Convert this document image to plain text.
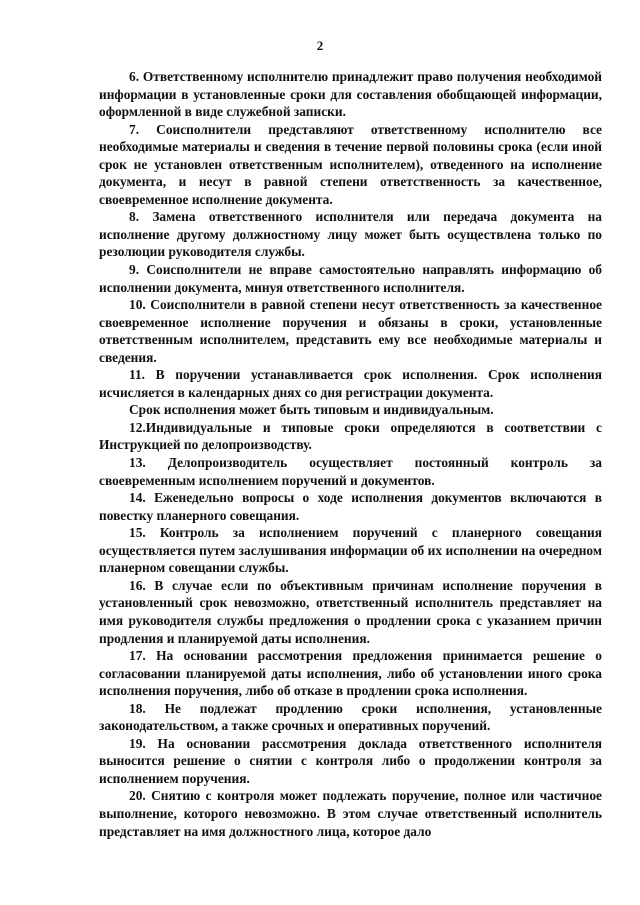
2

6. Ответственному исполнителю принадлежит право получения необходимой информации в установленные сроки для составления обобщающей информации, оформленной в виде служебной записки.

7. Соисполнители представляют ответственному исполнителю все необходимые материалы и сведения в течение первой половины срока (если иной срок не установлен ответственным исполнителем), отведенного на исполнение документа, и несут в равной степени ответственность за качественное, своевременное исполнение документа.

8. Замена ответственного исполнителя или передача документа на исполнение другому должностному лицу может быть осуществлена только по резолюции руководителя службы.

9. Соисполнители не вправе самостоятельно направлять информацию об исполнении документа, минуя ответственного исполнителя.

10. Соисполнители в равной степени несут ответственность за качественное своевременное исполнение поручения и обязаны в сроки, установленные ответственным исполнителем, представить ему все необходимые материалы и сведения.

11. В поручении устанавливается срок исполнения. Срок исполнения исчисляется в календарных днях со дня регистрации документа.

Срок исполнения может быть типовым и индивидуальным.

12.Индивидуальные и типовые сроки определяются в соответствии с Инструкцией по делопроизводству.

13. Делопроизводитель осуществляет постоянный контроль за своевременным исполнением поручений и документов.

14. Еженедельно вопросы о ходе исполнения документов включаются в повестку планерного совещания.

15. Контроль за исполнением поручений с планерного совещания осуществляется путем заслушивания информации об их исполнении на очередном планерном совещании службы.

16. В случае если по объективным причинам исполнение поручения в установленный срок невозможно, ответственный исполнитель представляет на имя руководителя службы предложения о продлении срока с указанием причин продления и планируемой даты исполнения.

17. На основании рассмотрения предложения принимается решение о согласовании планируемой даты исполнения, либо об установлении иного срока исполнения поручения, либо об отказе в продлении срока исполнения.

18. Не подлежат продлению сроки исполнения, установленные законодательством, а также срочных и оперативных поручений.

19. На основании рассмотрения доклада ответственного исполнителя выносится решение о снятии с контроля либо о продолжении контроля за исполнением поручения.

20. Снятию с контроля может подлежать поручение, полное или частичное выполнение, которого невозможно. В этом случае ответственный исполнитель представляет на имя должностного лица, которое дало
